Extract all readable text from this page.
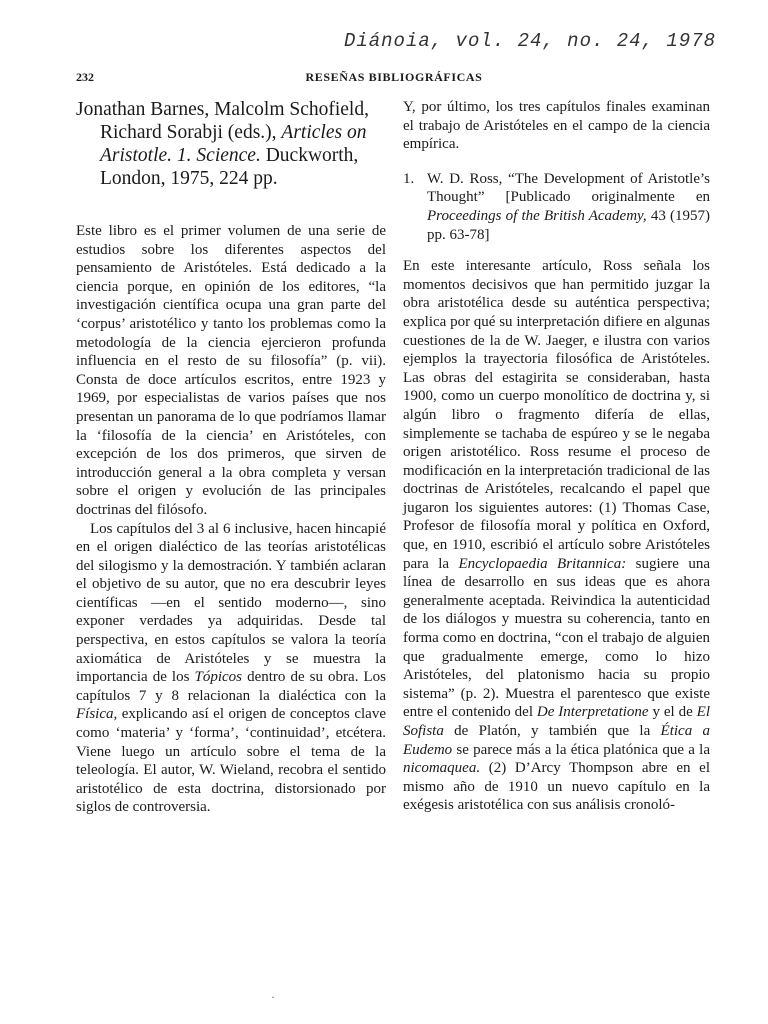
Diánoia, vol. 24, no. 24, 1978
232	RESEÑAS BIBLIOGRÁFICAS

Jonathan Barnes, Malcolm Schofield, Richard Sorabji (eds.), Articles on Aristotle. 1. Science. Duckworth, London, 1975, 224 pp.

Este libro es el primer volumen de una serie de estudios sobre los diferentes aspectos del pensamiento de Aristóteles. Está dedicado a la ciencia porque, en opinión de los editores, “la investigación científica ocupa una gran parte del ‘corpus’ aristotélico y tanto los problemas como la metodología de la ciencia ejercieron profunda influencia en el resto de su filosofía” (p. vii). Consta de doce artículos escritos, entre 1923 y 1969, por especialistas de varios países que nos presentan un panorama de lo que podríamos llamar la ‘filosofía de la ciencia’ en Aristóteles, con excepción de los dos primeros, que sirven de introducción general a la obra completa y versan sobre el origen y evolución de las principales doctrinas del filósofo.

Los capítulos del 3 al 6 inclusive, hacen hincapié en el origen dialéctico de las teorías aristotélicas del silogismo y la demostración. Y también aclaran el objetivo de su autor, que no era descubrir leyes científicas —en el sentido moderno—, sino exponer verdades ya adquiridas. Desde tal perspectiva, en estos capítulos se valora la teoría axiomática de Aristóteles y se muestra la importancia de los Tópicos dentro de su obra. Los capítulos 7 y 8 relacionan la dialéctica con la Física, explicando así el origen de conceptos clave como ‘materia’ y ‘forma’, ‘continuidad’, etcétera. Viene luego un artículo sobre el tema de la teleología. El autor, W. Wieland, recobra el sentido aristotélico de esta doctrina, distorsionado por siglos de controversia.

Y, por último, los tres capítulos finales examinan el trabajo de Aristóteles en el campo de la ciencia empírica.

1. W. D. Ross, “The Development of Aristotle’s Thought” [Publicado originalmente en Proceedings of the British Academy, 43 (1957) pp. 63-78]

En este interesante artículo, Ross señala los momentos decisivos que han permitido juzgar la obra aristotélica desde su auténtica perspectiva; explica por qué su interpretación difiere en algunas cuestiones de la de W. Jaeger, e ilustra con varios ejemplos la trayectoria filosófica de Aristóteles. Las obras del estagirita se consideraban, hasta 1900, como un cuerpo monolítico de doctrina y, si algún libro o fragmento difería de ellas, simplemente se tachaba de espúreo y se le negaba origen aristotélico. Ross resume el proceso de modificación en la interpretación tradicional de las doctrinas de Aristóteles, recalcando el papel que jugaron los siguientes autores: (1) Thomas Case, Profesor de filosofía moral y política en Oxford, que, en 1910, escribió el artículo sobre Aristóteles para la Encyclopaedia Britannica: sugiere una línea de desarrollo en sus ideas que es ahora generalmente aceptada. Reivindica la autenticidad de los diálogos y muestra su coherencia, tanto en forma como en doctrina, “con el trabajo de alguien que gradualmente emerge, como lo hizo Aristóteles, del platonismo hacia su propio sistema” (p. 2). Muestra el parentesco que existe entre el contenido del De Interpretatione y el de El Sofista de Platón, y también que la Ética a Eudemo se parece más a la ética platónica que a la nicomaquea. (2) D’Arcy Thompson abre en el mismo año de 1910 un nuevo capítulo en la exégesis aristotélica con sus análisis cronoló-

·
